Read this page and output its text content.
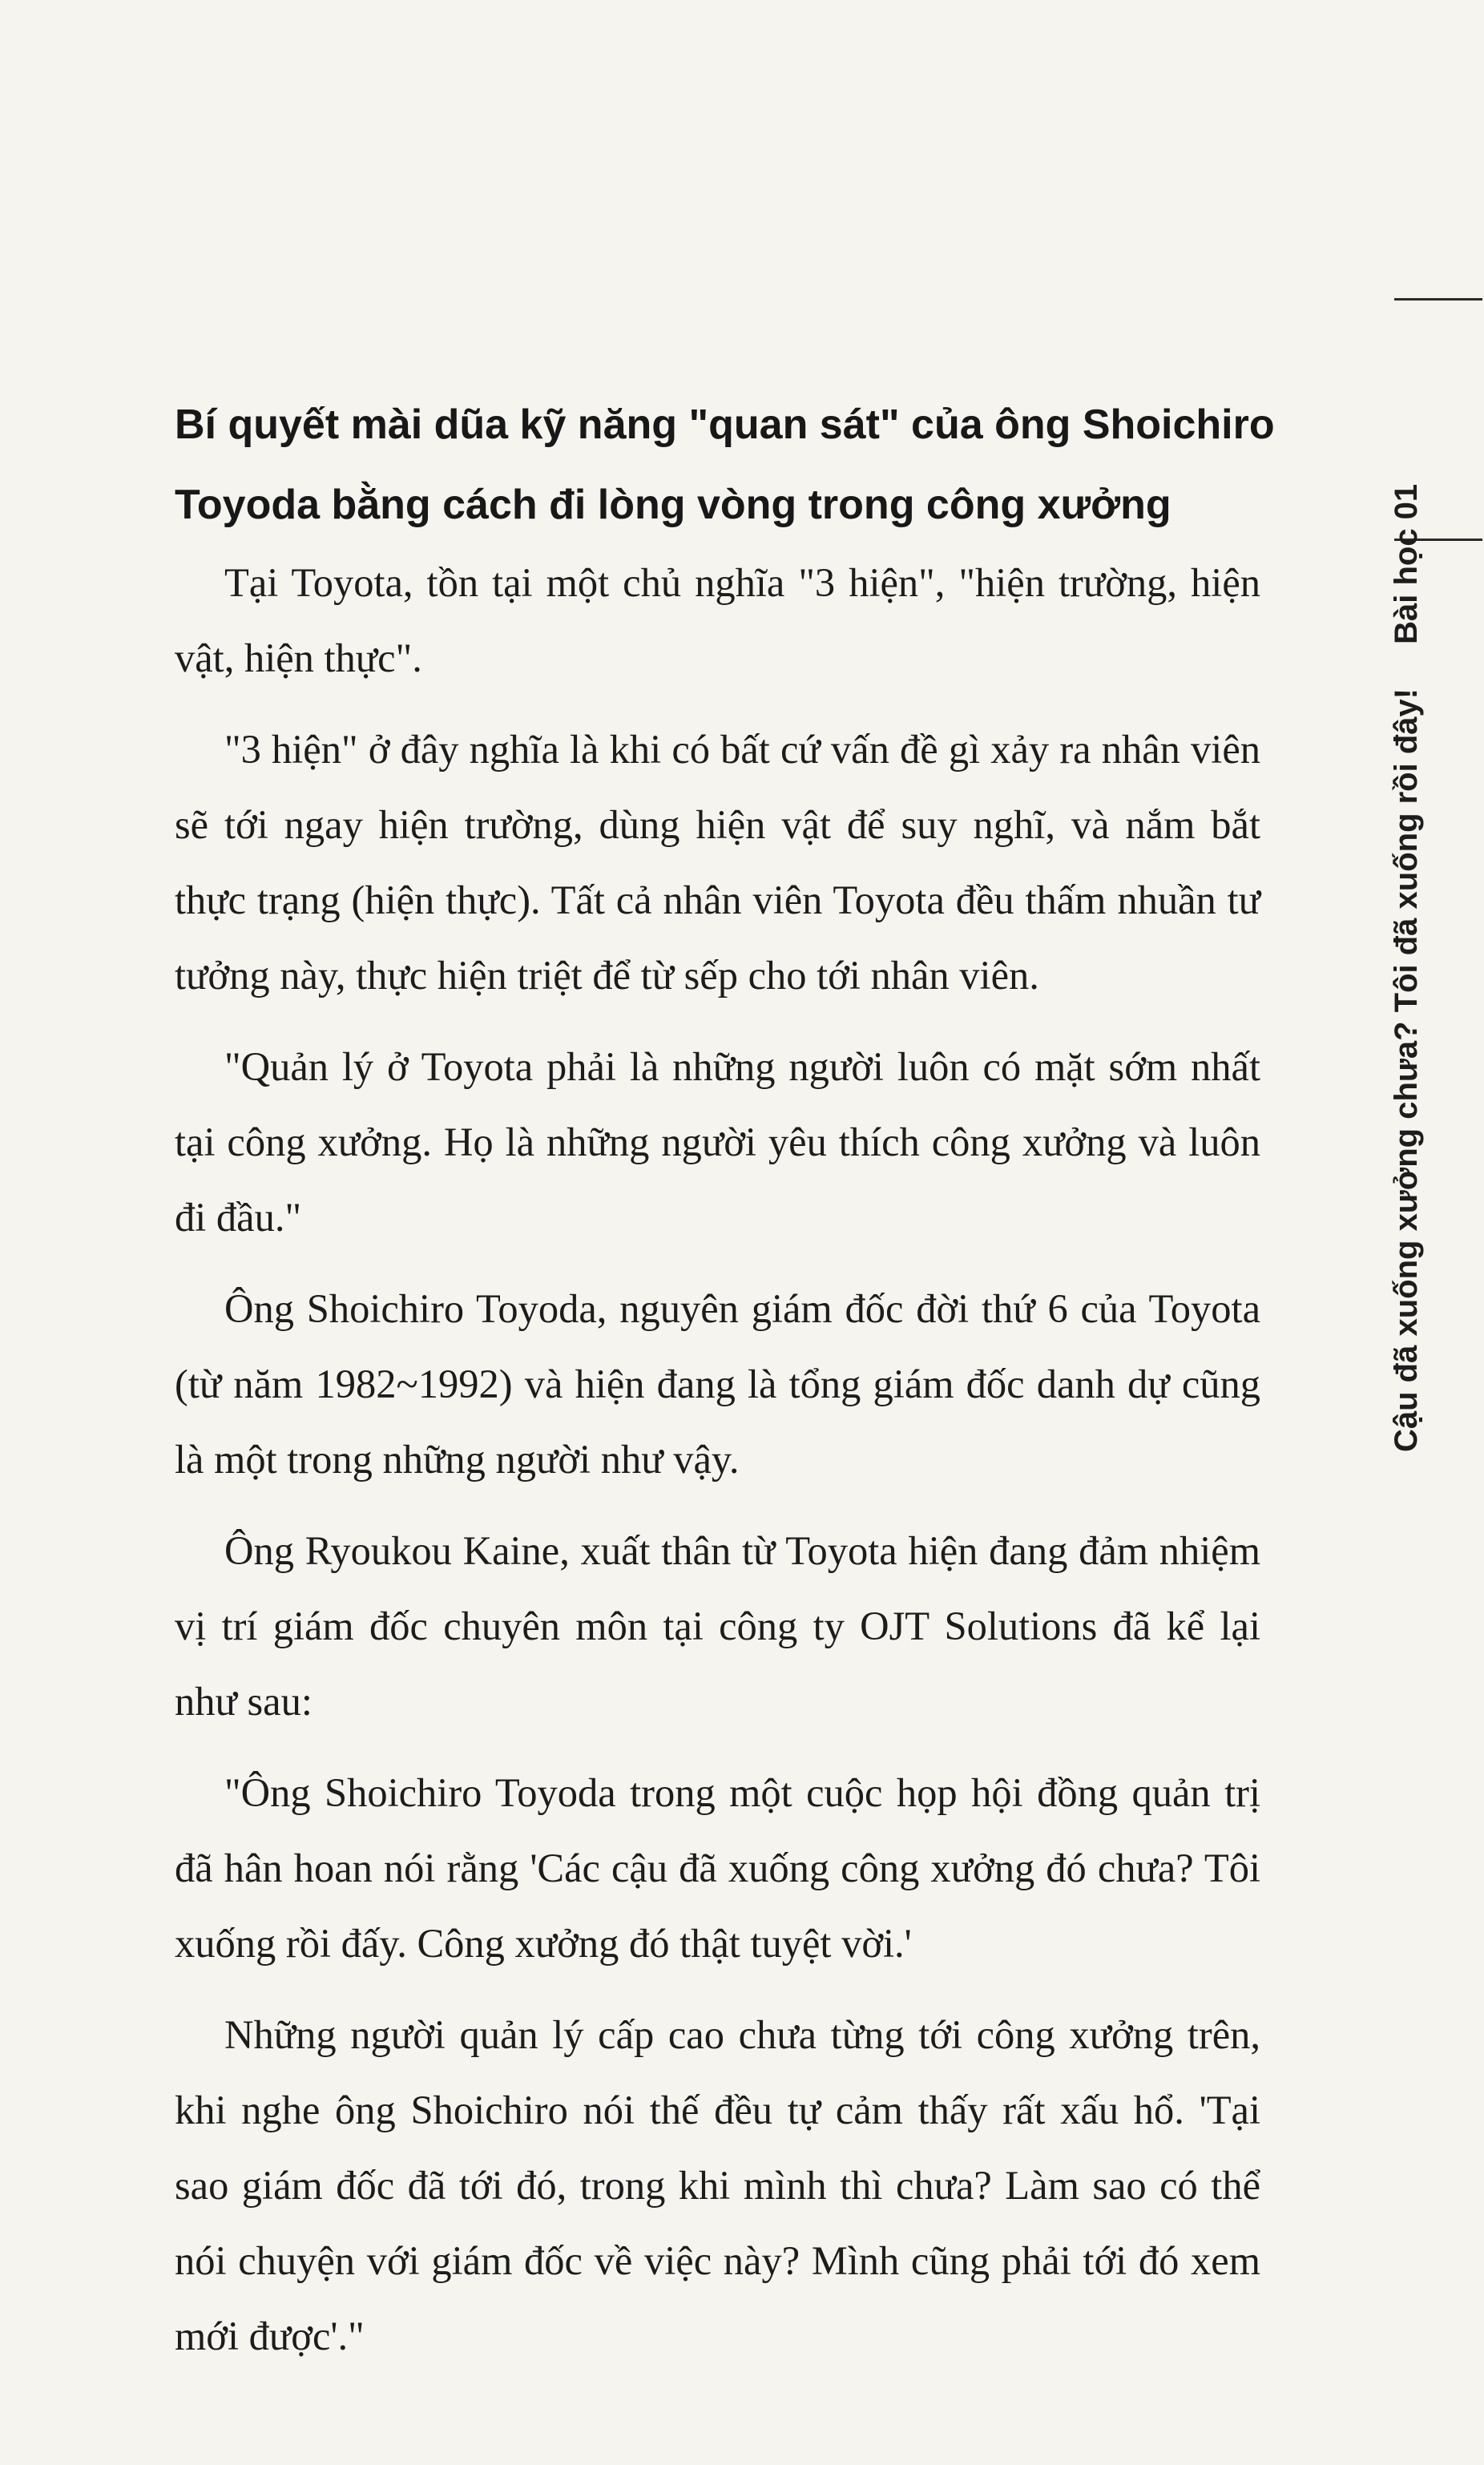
Bí quyết mài dũa kỹ năng "quan sát" của ông Shoichiro
Toyoda bằng cách đi lòng vòng trong công xưởng

Tại Toyota, tồn tại một chủ nghĩa "3 hiện", "hiện trường, hiện vật, hiện thực".

"3 hiện" ở đây nghĩa là khi có bất cứ vấn đề gì xảy ra nhân viên sẽ tới ngay hiện trường, dùng hiện vật để suy nghĩ, và nắm bắt thực trạng (hiện thực). Tất cả nhân viên Toyota đều thấm nhuần tư tưởng này, thực hiện triệt để từ sếp cho tới nhân viên.

"Quản lý ở Toyota phải là những người luôn có mặt sớm nhất tại công xưởng. Họ là những người yêu thích công xưởng và luôn đi đầu."

Ông Shoichiro Toyoda, nguyên giám đốc đời thứ 6 của Toyota (từ năm 1982~1992) và hiện đang là tổng giám đốc danh dự cũng là một trong những người như vậy.

Ông Ryoukou Kaine, xuất thân từ Toyota hiện đang đảm nhiệm vị trí giám đốc chuyên môn tại công ty OJT Solutions đã kể lại như sau:

"Ông Shoichiro Toyoda trong một cuộc họp hội đồng quản trị đã hân hoan nói rằng 'Các cậu đã xuống công xưởng đó chưa? Tôi xuống rồi đấy. Công xưởng đó thật tuyệt vời.'

Những người quản lý cấp cao chưa từng tới công xưởng trên, khi nghe ông Shoichiro nói thế đều tự cảm thấy rất xấu hổ. 'Tại sao giám đốc đã tới đó, trong khi mình thì chưa? Làm sao có thể nói chuyện với giám đốc về việc này? Mình cũng phải tới đó xem mới được'."

Cậu đã xuống xưởng chưa? Tôi đã xuống rồi đây!
Bài học 01
